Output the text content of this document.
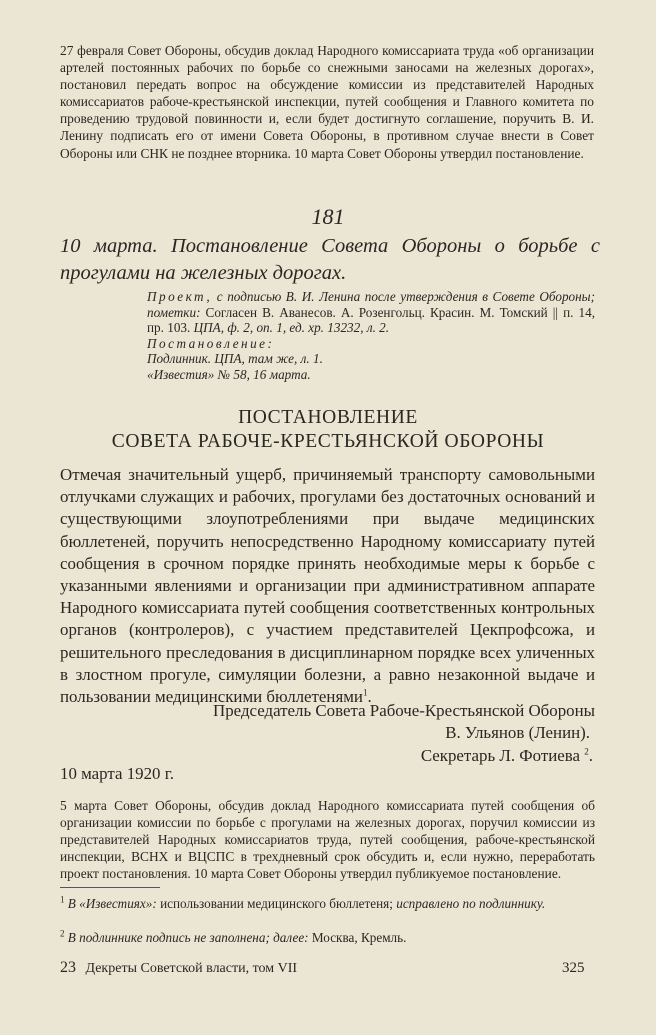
27 февраля Совет Обороны, обсудив доклад Народного комиссариата труда «об организации артелей постоянных рабочих по борьбе со снежными заносами на железных дорогах», постановил передать вопрос на обсуждение комиссии из представителей Народных комиссариатов рабоче-крестьянской инспекции, путей сообщения и Главного комитета по проведению трудовой повинности и, если будет достигнуто соглашение, поручить В. И. Ленину подписать его от имени Совета Обороны, в противном случае внести в Совет Обороны или СНК не позднее вторника. 10 марта Совет Обороны утвердил постановление.

181

10 марта. Постановление Совета Обороны о борьбе с прогулами на железных дорогах.

Проект, с подписью В. И. Ленина после утверждения в Совете Обороны; пометки: Согласен В. Аванесов. А. Розенгольц. Красин. М. Томский || п. 14, пр. 103. ЦПА, ф. 2, оп. 1, ед. хр. 13232, л. 2.
Постановление:
Подлинник. ЦПА, там же, л. 1.
«Известия» № 58, 16 марта.

ПОСТАНОВЛЕНИЕ

СОВЕТА РАБОЧЕ-КРЕСТЬЯНСКОЙ ОБОРОНЫ

Отмечая значительный ущерб, причиняемый транспорту самовольными отлучками служащих и рабочих, прогулами без достаточных оснований и существующими злоупотреблениями при выдаче медицинских бюллетеней, поручить непосредственно Народному комиссариату путей сообщения в срочном порядке принять необходимые меры к борьбе с указанными явлениями и организации при административном аппарате Народного комиссариата путей сообщения соответственных контрольных органов (контролеров), с участием представителей Цекпрофсожа, и решительного преследования в дисциплинарном порядке всех уличенных в злостном прогуле, симуляции болезни, а равно незаконной выдаче и пользовании медицинскими бюллетенями$^1$.

Председатель Совета Рабоче-Крестьянской Обороны

В. Ульянов (Ленин).

Секретарь Л. Фотиева $^2$.

10 марта 1920 г.

5 марта Совет Обороны, обсудив доклад Народного комиссариата путей сообщения об организации комиссии по борьбе с прогулами на железных дорогах, поручил комиссии из представителей Народных комиссариатов труда, путей сообщения, рабоче-крестьянской инспекции, ВСНХ и ВЦСПС в трехдневный срок обсудить и, если нужно, переработать проект постановления. 10 марта Совет Обороны утвердил публикуемое постановление.

$^1$ В «Известиях»: использовании медицинского бюллетеня; исправлено по подлиннику.

$^2$ В подлиннике подпись не заполнена; далее: Москва, Кремль.

23 Декреты Советской власти, том VII	325
